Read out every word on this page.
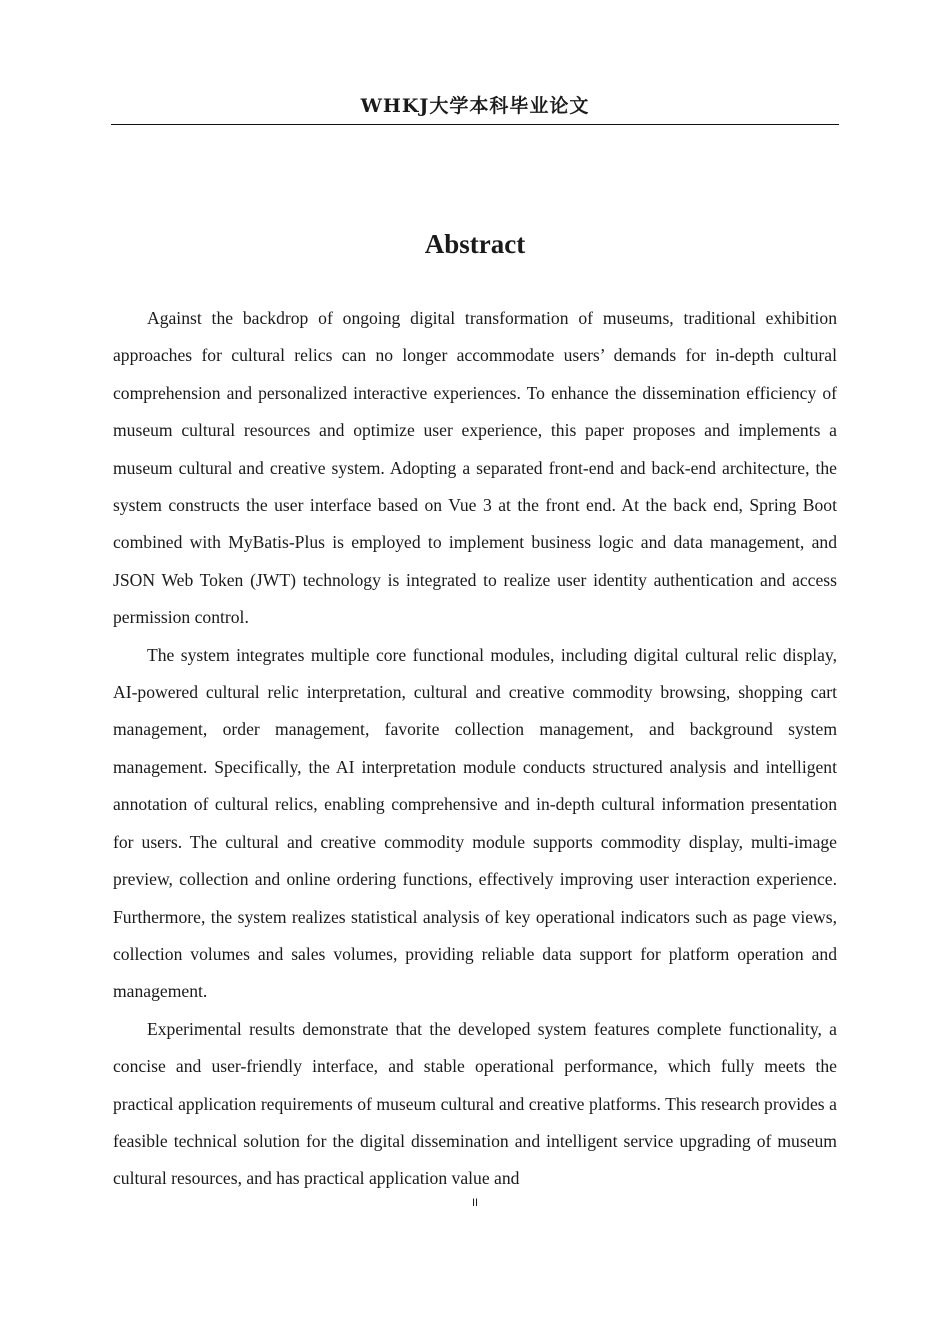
WHKJ大学本科毕业论文
Abstract

Against the backdrop of ongoing digital transformation of museums, traditional exhibition approaches for cultural relics can no longer accommodate users’ demands for in-depth cultural comprehension and personalized interactive experiences. To enhance the dissemination efficiency of museum cultural resources and optimize user experience, this paper proposes and implements a museum cultural and creative system. Adopting a separated front-end and back-end architecture, the system constructs the user interface based on Vue 3 at the front end. At the back end, Spring Boot combined with MyBatis-Plus is employed to implement business logic and data management, and JSON Web Token (JWT) technology is integrated to realize user identity authentication and access permission control.

The system integrates multiple core functional modules, including digital cultural relic display, AI-powered cultural relic interpretation, cultural and creative commodity browsing, shopping cart management, order management, favorite collection management, and background system management. Specifically, the AI interpretation module conducts structured analysis and intelligent annotation of cultural relics, enabling comprehensive and in-depth cultural information presentation for users. The cultural and creative commodity module supports commodity display, multi-image preview, collection and online ordering functions, effectively improving user interaction experience. Furthermore, the system realizes statistical analysis of key operational indicators such as page views, collection volumes and sales volumes, providing reliable data support for platform operation and management.

Experimental results demonstrate that the developed system features complete functionality, a concise and user-friendly interface, and stable operational performance, which fully meets the practical application requirements of museum cultural and creative platforms. This research provides a feasible technical solution for the digital dissemination and intelligent service upgrading of museum cultural resources, and has practical application value and

II
